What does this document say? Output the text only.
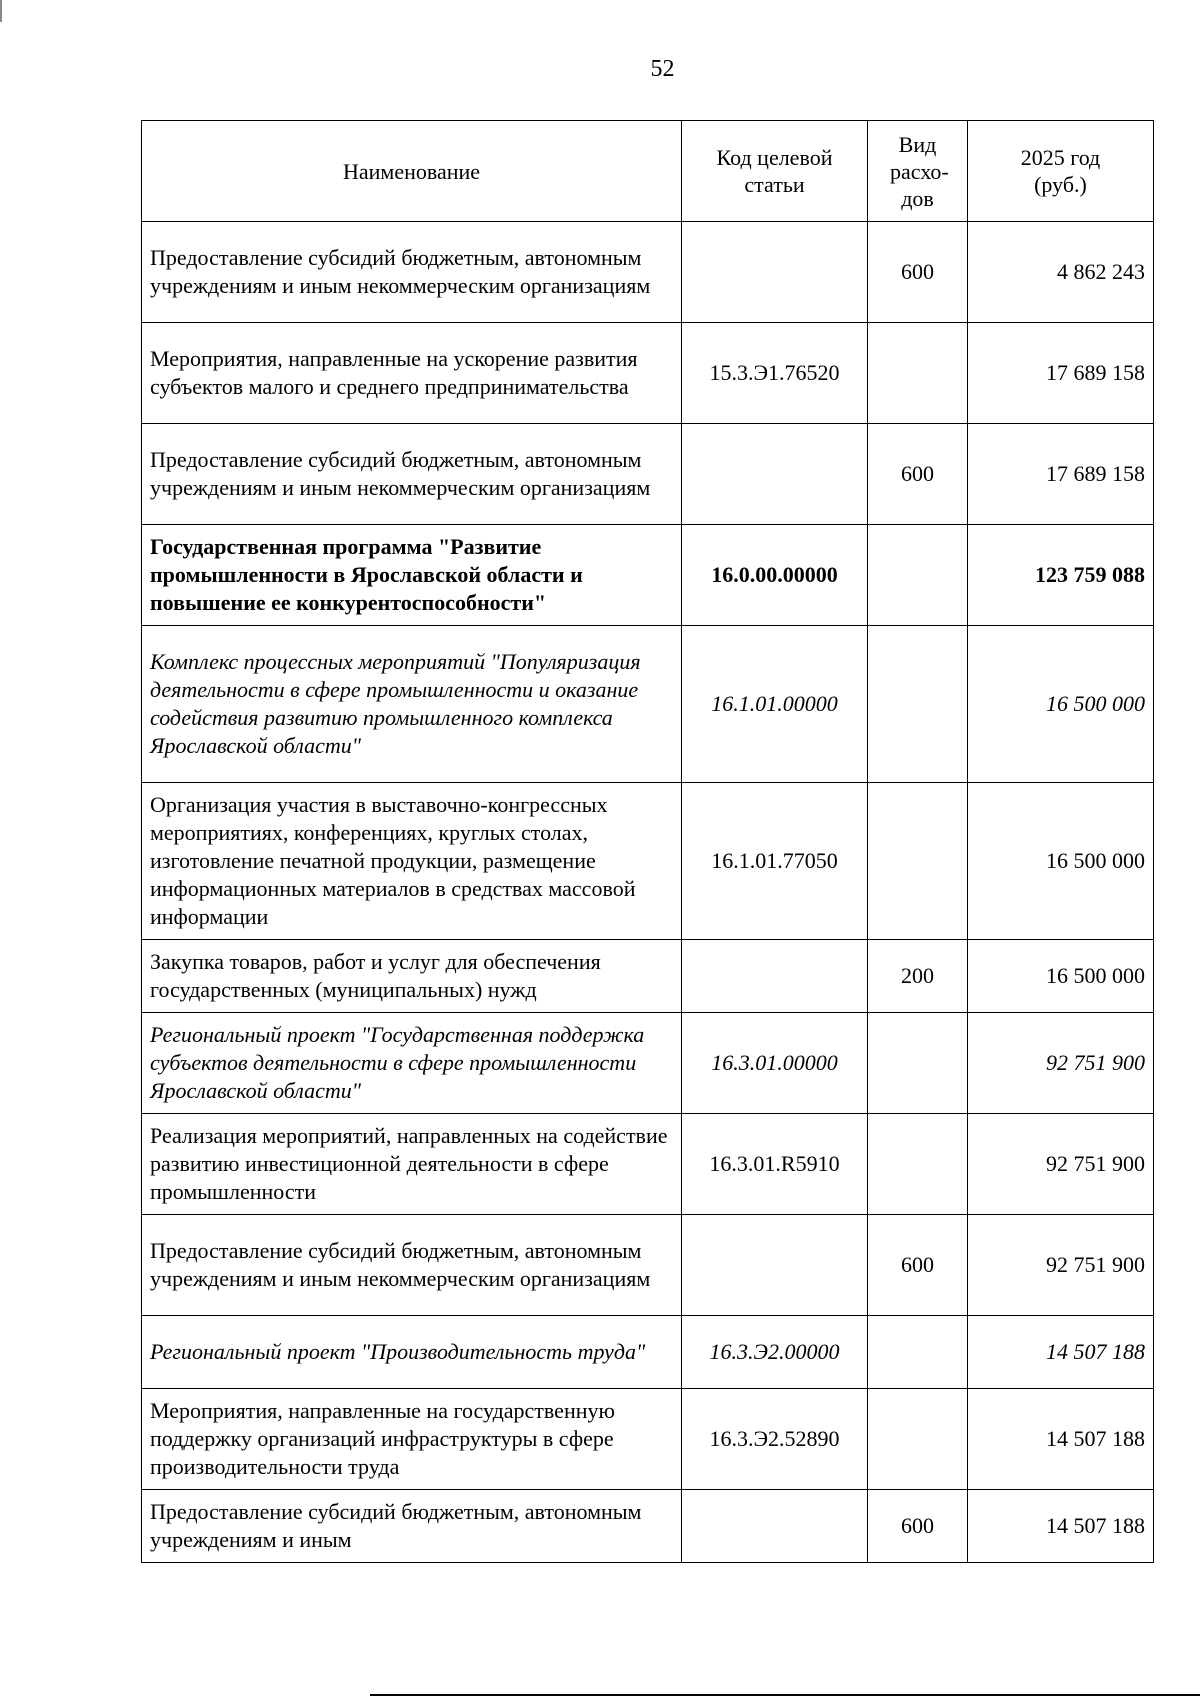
52
Наименование	Код целевой статьи	Вид расхо-дов	2025 год (руб.)
Предоставление субсидий бюджетным, автономным учреждениям и иным некоммерческим организациям		600	4 862 243
Мероприятия, направленные на ускорение развития субъектов малого и среднего предпринимательства	15.3.Э1.76520		17 689 158
Предоставление субсидий бюджетным, автономным учреждениям и иным некоммерческим организациям		600	17 689 158
Государственная программа "Развитие промышленности в Ярославской области и повышение ее конкурентоспособности"	16.0.00.00000		123 759 088
Комплекс процессных мероприятий "Популяризация деятельности в сфере промышленности и оказание содействия развитию промышленного комплекса Ярославской области"	16.1.01.00000		16 500 000
Организация участия в выставочно-конгрессных мероприятиях, конференциях, круглых столах, изготовление печатной продукции, размещение информационных материалов в средствах массовой информации	16.1.01.77050		16 500 000
Закупка товаров, работ и услуг для обеспечения государственных (муниципальных) нужд		200	16 500 000
Региональный проект "Государственная поддержка субъектов деятельности в сфере промышленности Ярославской области"	16.3.01.00000		92 751 900
Реализация мероприятий, направленных на содействие развитию инвестиционной деятельности в сфере промышленности	16.3.01.R5910		92 751 900
Предоставление субсидий бюджетным, автономным учреждениям и иным некоммерческим организациям		600	92 751 900
Региональный проект "Производительность труда"	16.3.Э2.00000		14 507 188
Мероприятия, направленные на государственную поддержку организаций инфраструктуры в сфере производительности труда	16.3.Э2.52890		14 507 188
Предоставление субсидий бюджетным, автономным учреждениям и иным		600	14 507 188
